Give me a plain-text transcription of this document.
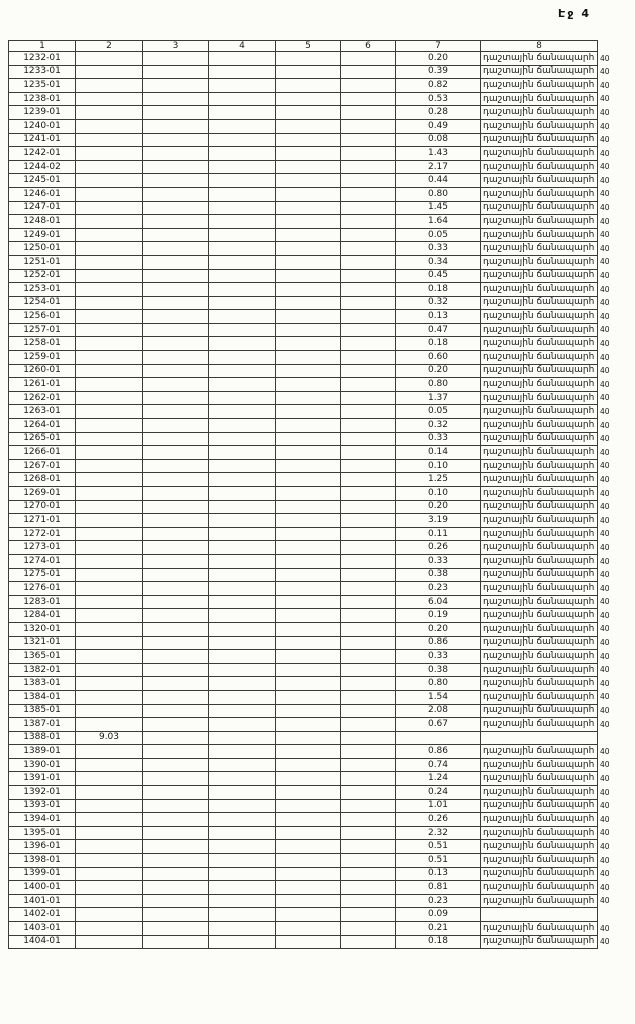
Էջ 4
1	2	3	4	5	6	7	8	
1232-01						0.20	դաշտային ճանապարհ	40
1233-01						0.39	դաշտային ճանապարհ	40
1235-01						0.82	դաշտային ճանապարհ	40
1238-01						0.53	դաշտային ճանապարհ	40
1239-01						0.28	դաշտային ճանապարհ	40
1240-01						0.49	դաշտային ճանապարհ	40
1241-01						0.08	դաշտային ճանապարհ	40
1242-01						1.43	դաշտային ճանապարհ	40
1244-02						2.17	դաշտային ճանապարհ	40
1245-01						0.44	դաշտային ճանապարհ	40
1246-01						0.80	դաշտային ճանապարհ	40
1247-01						1.45	դաշտային ճանապարհ	40
1248-01						1.64	դաշտային ճանապարհ	40
1249-01						0.05	դաշտային ճանապարհ	40
1250-01						0.33	դաշտային ճանապարհ	40
1251-01						0.34	դաշտային ճանապարհ	40
1252-01						0.45	դաշտային ճանապարհ	40
1253-01						0.18	դաշտային ճանապարհ	40
1254-01						0.32	դաշտային ճանապարհ	40
1256-01						0.13	դաշտային ճանապարհ	40
1257-01						0.47	դաշտային ճանապարհ	40
1258-01						0.18	դաշտային ճանապարհ	40
1259-01						0.60	դաշտային ճանապարհ	40
1260-01						0.20	դաշտային ճանապարհ	40
1261-01						0.80	դաշտային ճանապարհ	40
1262-01						1.37	դաշտային ճանապարհ	40
1263-01						0.05	դաշտային ճանապարհ	40
1264-01						0.32	դաշտային ճանապարհ	40
1265-01						0.33	դաշտային ճանապարհ	40
1266-01						0.14	դաշտային ճանապարհ	40
1267-01						0.10	դաշտային ճանապարհ	40
1268-01						1.25	դաշտային ճանապարհ	40
1269-01						0.10	դաշտային ճանապարհ	40
1270-01						0.20	դաշտային ճանապարհ	40
1271-01						3.19	դաշտային ճանապարհ	40
1272-01						0.11	դաշտային ճանապարհ	40
1273-01						0.26	դաշտային ճանապարհ	40
1274-01						0.33	դաշտային ճանապարհ	40
1275-01						0.38	դաշտային ճանապարհ	40
1276-01						0.23	դաշտային ճանապարհ	40
1283-01						6.04	դաշտային ճանապարհ	40
1284-01						0.19	դաշտային ճանապարհ	40
1320-01						0.20	դաշտային ճանապարհ	40
1321-01						0.86	դաշտային ճանապարհ	40
1365-01						0.33	դաշտային ճանապարհ	40
1382-01						0.38	դաշտային ճանապարհ	40
1383-01						0.80	դաշտային ճանապարհ	40
1384-01						1.54	դաշտային ճանապարհ	40
1385-01						2.08	դաշտային ճանապարհ	40
1387-01						0.67	դաշտային ճանապարհ	40
1388-01	9.03							
1389-01						0.86	դաշտային ճանապարհ	40
1390-01						0.74	դաշտային ճանապարհ	40
1391-01						1.24	դաշտային ճանապարհ	40
1392-01						0.24	դաշտային ճանապարհ	40
1393-01						1.01	դաշտային ճանապարհ	40
1394-01						0.26	դաշտային ճանապարհ	40
1395-01						2.32	դաշտային ճանապարհ	40
1396-01						0.51	դաշտային ճանապարհ	40
1398-01						0.51	դաշտային ճանապարհ	40
1399-01						0.13	դաշտային ճանապարհ	40
1400-01						0.81	դաշտային ճանապարհ	40
1401-01						0.23	դաշտային ճանապարհ	40
1402-01						0.09		
1403-01						0.21	դաշտային ճանապարհ	40
1404-01						0.18	դաշտային ճանապարհ	40
